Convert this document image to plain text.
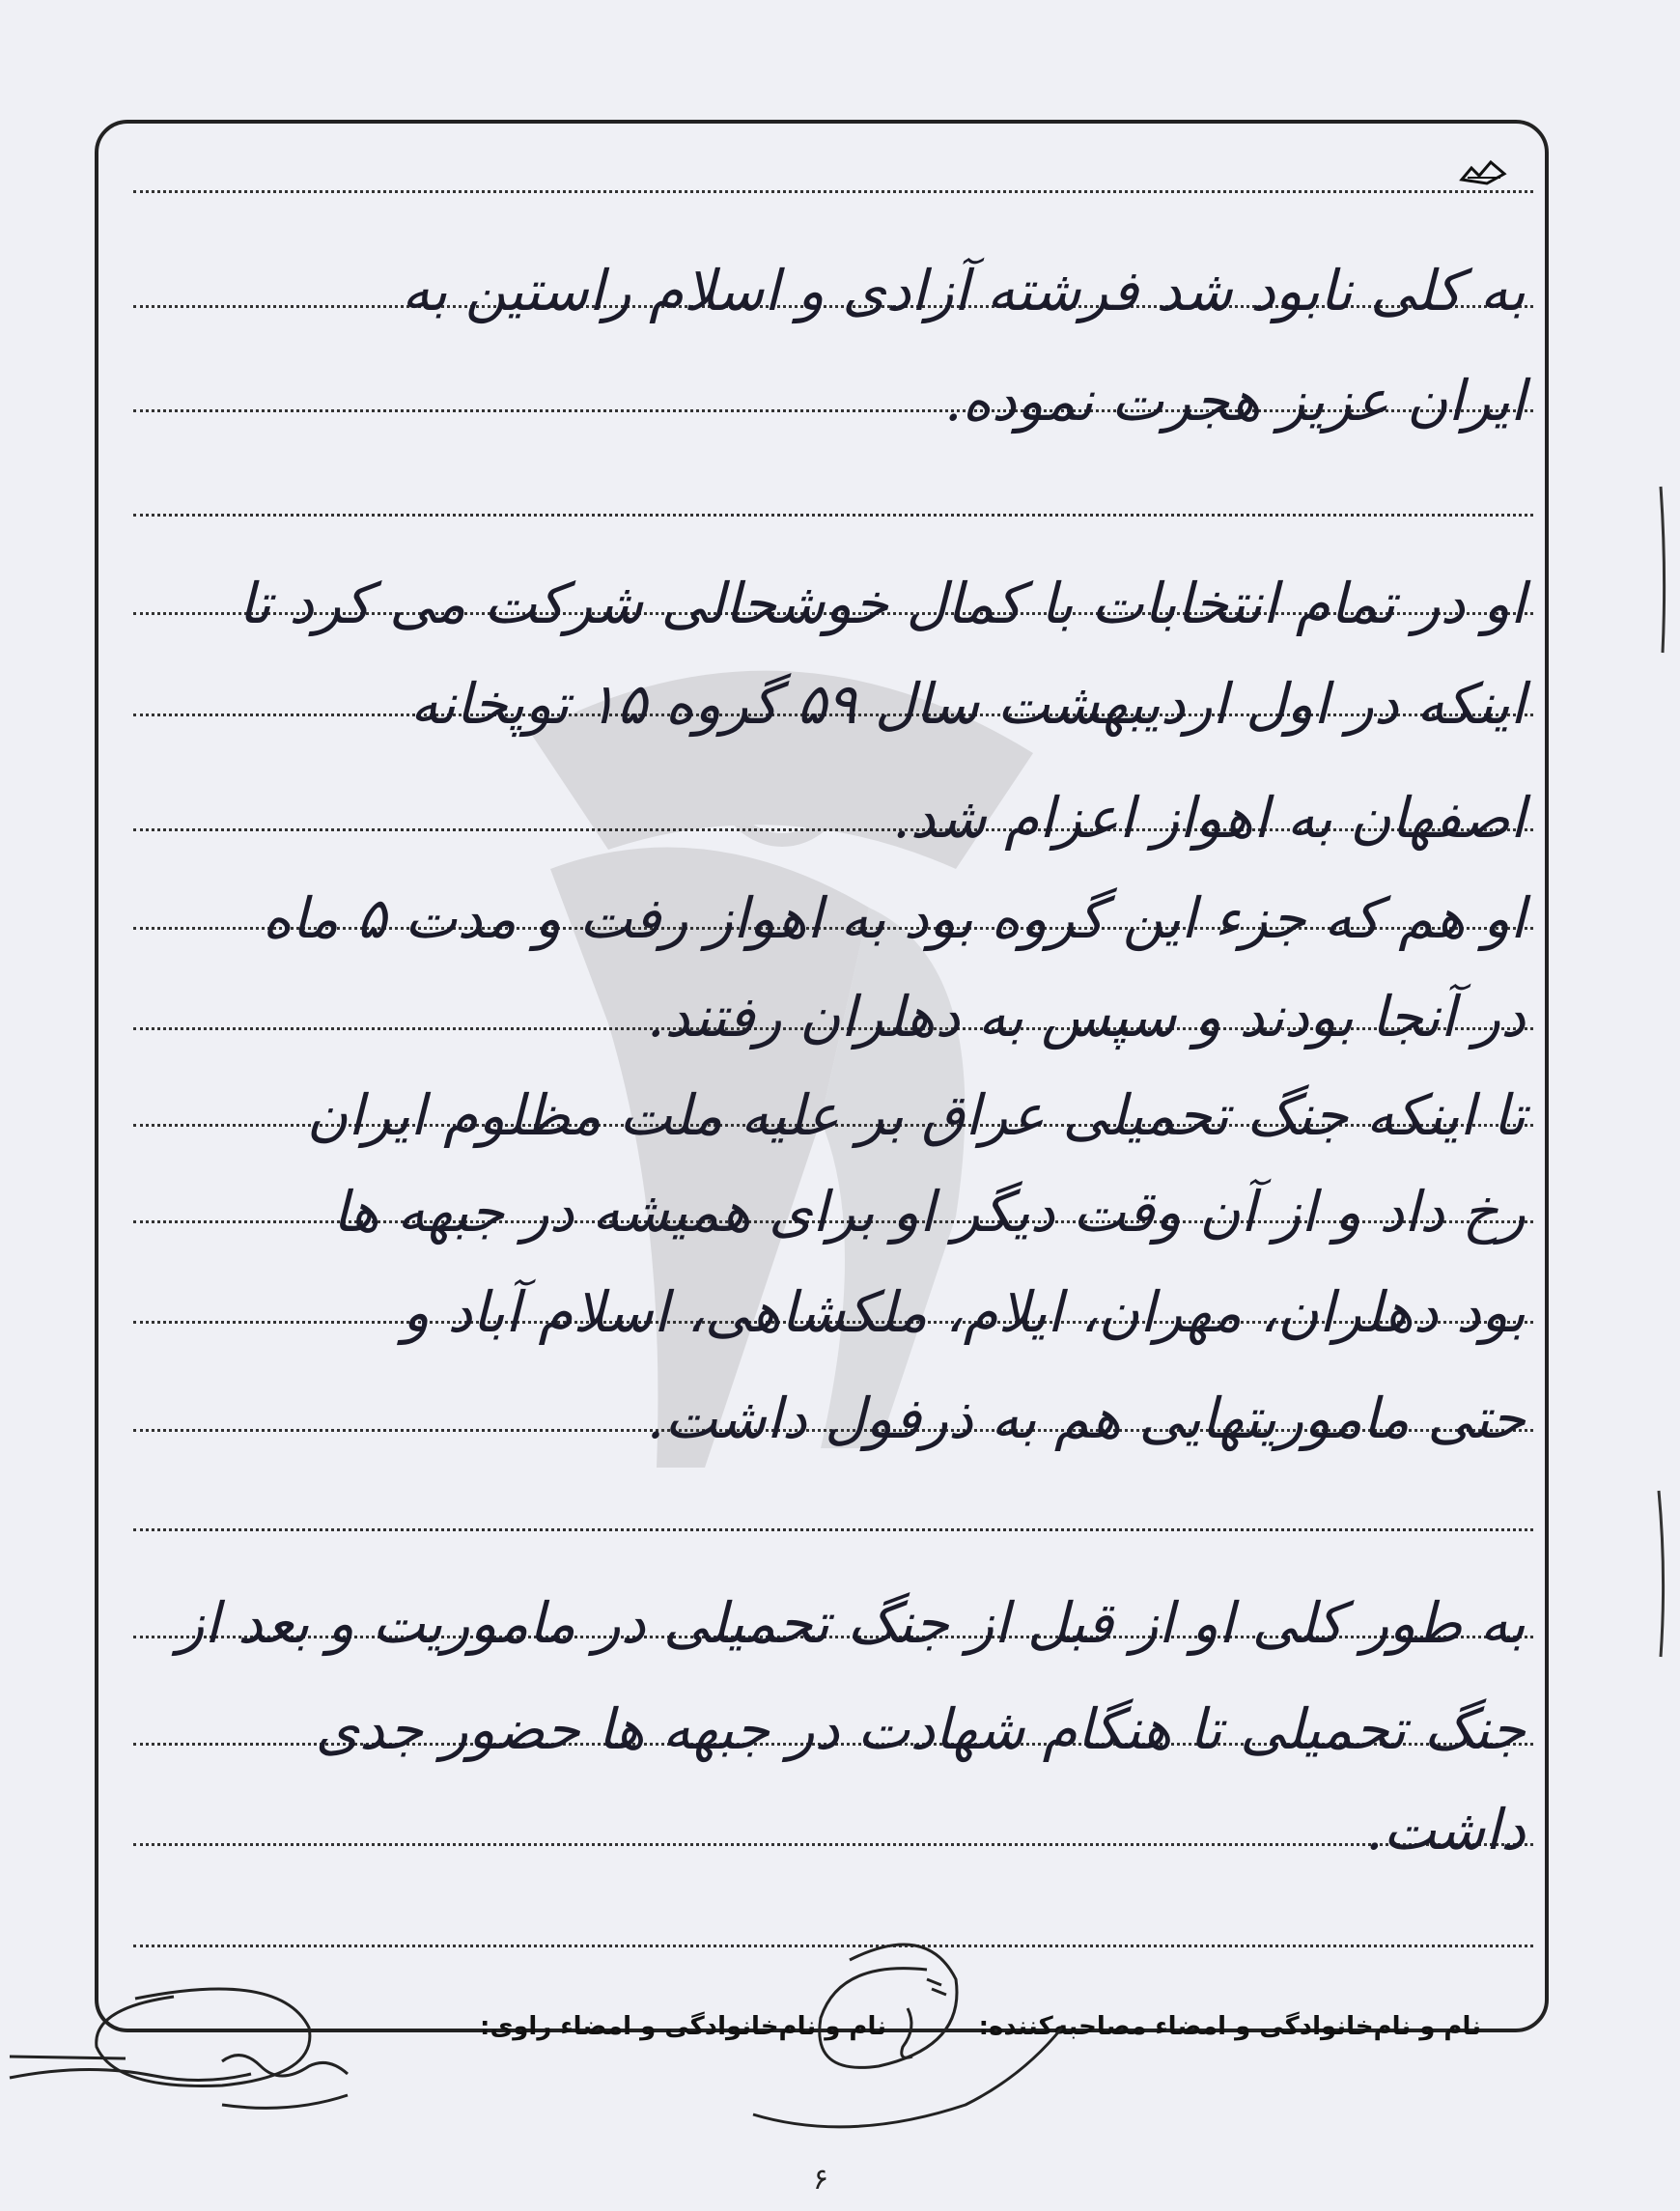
به کلی نابود شد فرشته آزادی و اسلام راستین به
ایران عزیز هجرت نموده.
او در تمام انتخابات با کمال خوشحالی شرکت می کرد تا
اینکه در اول اردیبهشت سال ۵۹ گروه ۱۵ توپخانه
اصفهان به اهواز اعزام شد.
او هم که جزء این گروه بود به اهواز رفت و مدت ۵ ماه
در آنجا بودند و سپس به دهلران رفتند.
تا اینکه جنگ تحمیلی عراق بر علیه ملت مظلوم ایران
رخ داد و از آن وقت دیگر او برای همیشه در جبهه ها
بود دهلران، مهران، ایلام، ملکشاهی، اسلام آباد و
حتی ماموریتهایی هم به ذرفول داشت.
به طور کلی او از قبل از جنگ تحمیلی در ماموریت و بعد از
جنگ تحمیلی تا هنگام شهادت در جبهه ها حضور جدی
داشت.
نام و نام‌خانوادگی و امضاء مصاحبه‌کننده:
نام و نام‌خانوادگی و امضاء راوی:
۶
